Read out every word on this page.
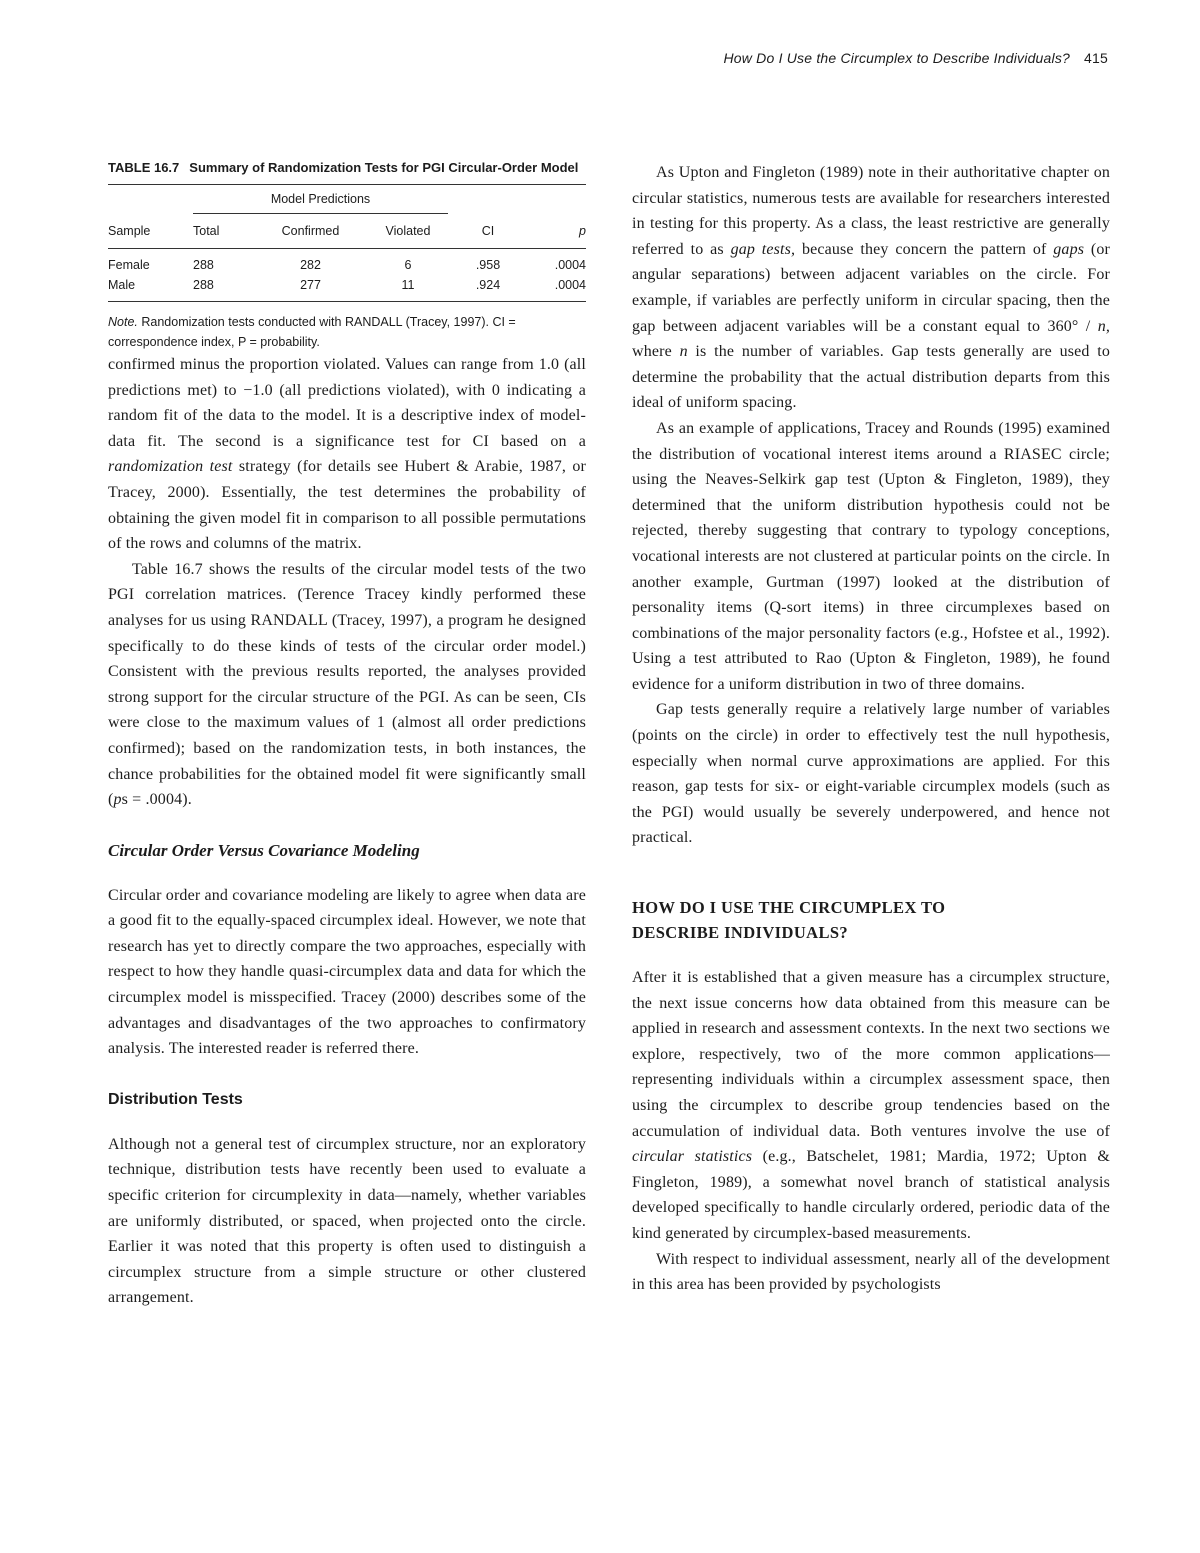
How Do I Use the Circumplex to Describe Individuals? 415
TABLE 16.7 Summary of Randomization Tests for PGI Circular-Order Model
	Model Predictions				
Sample	Total	Confirmed	Violated	CI	p
Female	288	282	6	.958	.0004
Male	288	277	11	.924	.0004

Note. Randomization tests conducted with RANDALL (Tracey, 1997). CI = correspondence index, P = probability.

confirmed minus the proportion violated. Values can range from 1.0 (all predictions met) to −1.0 (all predictions violated), with 0 indicating a random fit of the data to the model. It is a descriptive index of model-data fit. The second is a significance test for CI based on a randomization test strategy (for details see Hubert & Arabie, 1987, or Tracey, 2000). Essentially, the test determines the probability of obtaining the given model fit in comparison to all possible permutations of the rows and columns of the matrix.

Table 16.7 shows the results of the circular model tests of the two PGI correlation matrices. (Terence Tracey kindly performed these analyses for us using RANDALL (Tracey, 1997), a program he designed specifically to do these kinds of tests of the circular order model.) Consistent with the previous results reported, the analyses provided strong support for the circular structure of the PGI. As can be seen, CIs were close to the maximum values of 1 (almost all order predictions confirmed); based on the randomization tests, in both instances, the chance probabilities for the obtained model fit were significantly small (ps = .0004).

Circular Order Versus Covariance Modeling

Circular order and covariance modeling are likely to agree when data are a good fit to the equally-spaced circumplex ideal. However, we note that research has yet to directly compare the two approaches, especially with respect to how they handle quasi-circumplex data and data for which the circumplex model is misspecified. Tracey (2000) describes some of the advantages and disadvantages of the two approaches to confirmatory analysis. The interested reader is referred there.

Distribution Tests

Although not a general test of circumplex structure, nor an exploratory technique, distribution tests have recently been used to evaluate a specific criterion for circumplexity in data—namely, whether variables are uniformly distributed, or spaced, when projected onto the circle. Earlier it was noted that this property is often used to distinguish a circumplex structure from a simple structure or other clustered arrangement.

As Upton and Fingleton (1989) note in their authoritative chapter on circular statistics, numerous tests are available for researchers interested in testing for this property. As a class, the least restrictive are generally referred to as gap tests, because they concern the pattern of gaps (or angular separations) between adjacent variables on the circle. For example, if variables are perfectly uniform in circular spacing, then the gap between adjacent variables will be a constant equal to 360° / n, where n is the number of variables. Gap tests generally are used to determine the probability that the actual distribution departs from this ideal of uniform spacing.

As an example of applications, Tracey and Rounds (1995) examined the distribution of vocational interest items around a RIASEC circle; using the Neaves-Selkirk gap test (Upton & Fingleton, 1989), they determined that the uniform distribution hypothesis could not be rejected, thereby suggesting that contrary to typology conceptions, vocational interests are not clustered at particular points on the circle. In another example, Gurtman (1997) looked at the distribution of personality items (Q-sort items) in three circumplexes based on combinations of the major personality factors (e.g., Hofstee et al., 1992). Using a test attributed to Rao (Upton & Fingleton, 1989), he found evidence for a uniform distribution in two of three domains.

Gap tests generally require a relatively large number of variables (points on the circle) in order to effectively test the null hypothesis, especially when normal curve approximations are applied. For this reason, gap tests for six- or eight-variable circumplex models (such as the PGI) would usually be severely underpowered, and hence not practical.

HOW DO I USE THE CIRCUMPLEX TO
DESCRIBE INDIVIDUALS?

After it is established that a given measure has a circumplex structure, the next issue concerns how data obtained from this measure can be applied in research and assessment contexts. In the next two sections we explore, respectively, two of the more common applications—representing individuals within a circumplex assessment space, then using the circumplex to describe group tendencies based on the accumulation of individual data. Both ventures involve the use of circular statistics (e.g., Batschelet, 1981; Mardia, 1972; Upton & Fingleton, 1989), a somewhat novel branch of statistical analysis developed specifically to handle circularly ordered, periodic data of the kind generated by circumplex-based measurements.

With respect to individual assessment, nearly all of the development in this area has been provided by psychologists
